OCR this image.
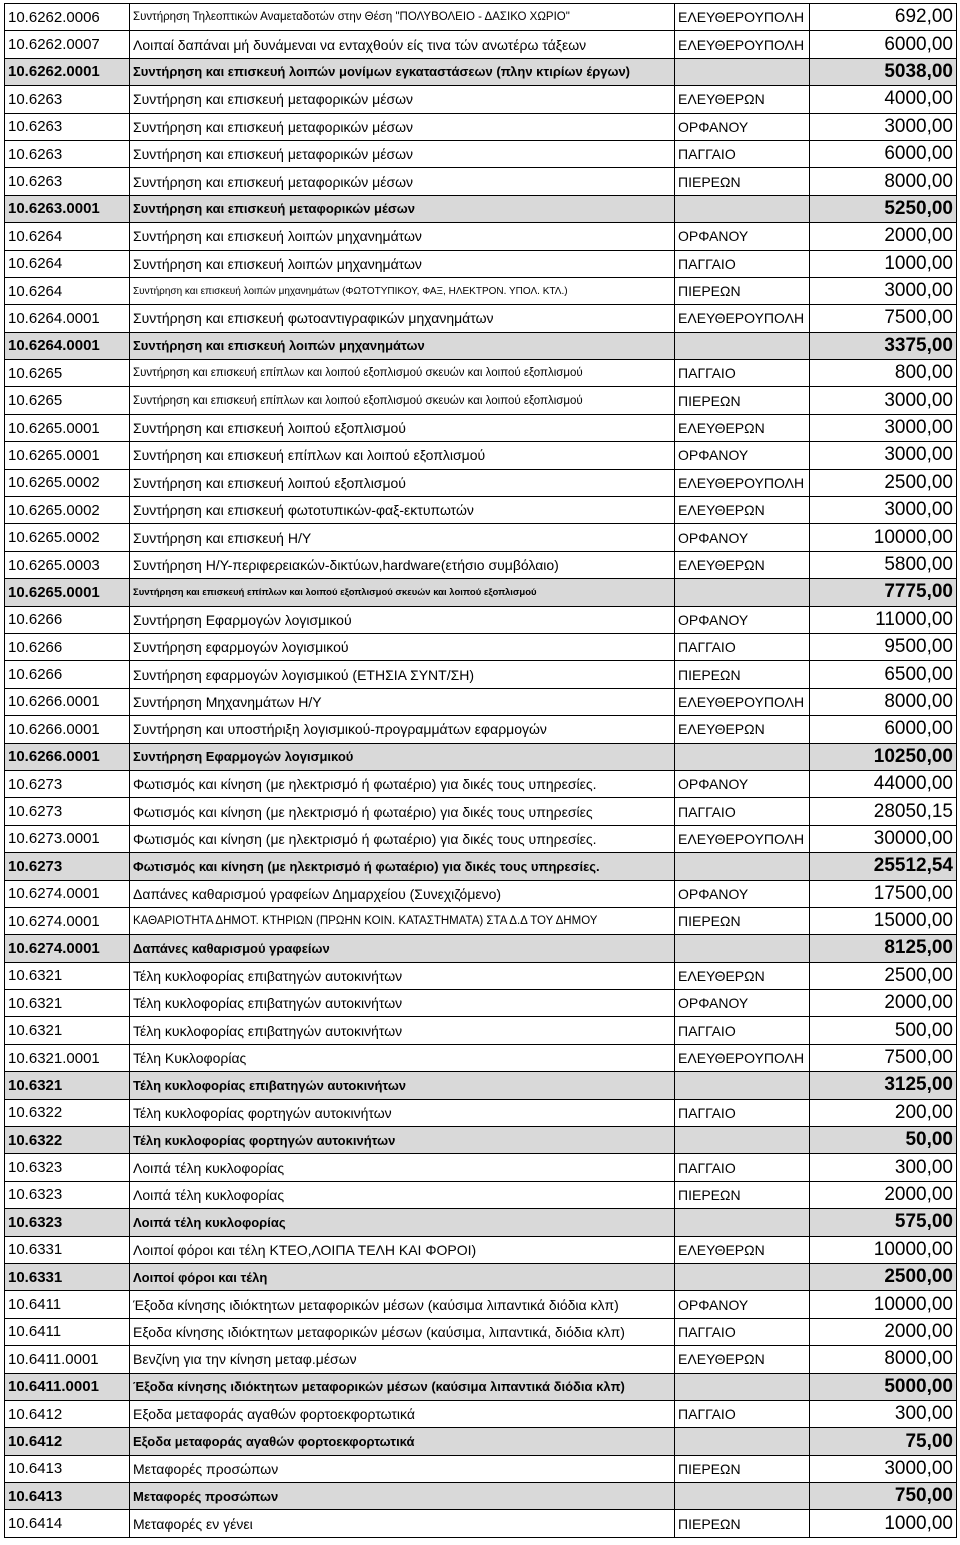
10.6262.0006	Συντήρηση Τηλεοπτικών Αναμεταδοτών στην Θέση "ΠΟΛΥΒΟΛΕΙΟ - ΔΑΣΙΚΟ ΧΩΡΙΟ"	ΕΛΕΥΘΕΡΟΥΠΟΛΗ	692,00
10.6262.0007	Λοιπαί δαπάναι μή δυνάμεναι να ενταχθούν είς τινα τών ανωτέρω τάξεων	ΕΛΕΥΘΕΡΟΥΠΟΛΗ	6000,00
10.6262.0001	Συντήρηση και επισκευή λοιπών μονίμων εγκαταστάσεων (πλην κτιρίων έργων)		5038,00
10.6263	Συντήρηση και επισκευή μεταφορικών μέσων	ΕΛΕΥΘΕΡΩΝ	4000,00
10.6263	Συντήρηση και επισκευή μεταφορικών μέσων	ΟΡΦΑΝΟΥ	3000,00
10.6263	Συντήρηση και επισκευή μεταφορικών μέσων	ΠΑΓΓΑΙΟ	6000,00
10.6263	Συντήρηση και επισκευή μεταφορικών μέσων	ΠΙΕΡΕΩΝ	8000,00
10.6263.0001	Συντήρηση και επισκευή μεταφορικών μέσων		5250,00
10.6264	Συντήρηση και επισκευή λοιπών μηχανημάτων	ΟΡΦΑΝΟΥ	2000,00
10.6264	Συντήρηση και επισκευή λοιπών μηχανημάτων	ΠΑΓΓΑΙΟ	1000,00
10.6264	Συντήρηση και επισκευή λοιπών μηχανημάτων (ΦΩΤΟΤΥΠΙΚΟΥ, ΦΑΞ, ΗΛΕΚΤΡΟΝ. ΥΠΟΛ. ΚΤΛ.)	ΠΙΕΡΕΩΝ	3000,00
10.6264.0001	Συντήρηση και επισκευή φωτοαντιγραφικών μηχανημάτων	ΕΛΕΥΘΕΡΟΥΠΟΛΗ	7500,00
10.6264.0001	Συντήρηση και επισκευή λοιπών μηχανημάτων		3375,00
10.6265	Συντήρηση και επισκευή επίπλων και λοιπού εξοπλισμού σκευών και λοιπού εξοπλισμού	ΠΑΓΓΑΙΟ	800,00
10.6265	Συντήρηση και επισκευή επίπλων και λοιπού εξοπλισμού σκευών και λοιπού εξοπλισμού	ΠΙΕΡΕΩΝ	3000,00
10.6265.0001	Συντήρηση και επισκευή λοιπού εξοπλισμού	ΕΛΕΥΘΕΡΩΝ	3000,00
10.6265.0001	Συντήρηση και επισκευή επίπλων και λοιπού εξοπλισμού	ΟΡΦΑΝΟΥ	3000,00
10.6265.0002	Συντήρηση και επισκευή λοιπού εξοπλισμού	ΕΛΕΥΘΕΡΟΥΠΟΛΗ	2500,00
10.6265.0002	Συντήρηση και επισκευή φωτοτυπικών-φαξ-εκτυπωτών	ΕΛΕΥΘΕΡΩΝ	3000,00
10.6265.0002	Συντήρηση και επισκευή Η/Υ	ΟΡΦΑΝΟΥ	10000,00
10.6265.0003	Συντήρηση Η/Υ-περιφερειακών-δικτύων,hardware(ετήσιο συμβόλαιο)	ΕΛΕΥΘΕΡΩΝ	5800,00
10.6265.0001	Συντήρηση και επισκευή επίπλων και λοιπού εξοπλισμού σκευών και λοιπού εξοπλισμού		7775,00
10.6266	Συντήρηση Εφαρμογών λογισμικού	ΟΡΦΑΝΟΥ	11000,00
10.6266	Συντήρηση εφαρμογών λογισμικού	ΠΑΓΓΑΙΟ	9500,00
10.6266	Συντήρηση εφαρμογών λογισμικού (ΕΤΗΣΙΑ ΣΥΝΤ/ΣΗ)	ΠΙΕΡΕΩΝ	6500,00
10.6266.0001	Συντήρηση Μηχανημάτων Η/Υ	ΕΛΕΥΘΕΡΟΥΠΟΛΗ	8000,00
10.6266.0001	Συντήρηση και υποστήριξη λογισμικού-προγραμμάτων εφαρμογών	ΕΛΕΥΘΕΡΩΝ	6000,00
10.6266.0001	Συντήρηση Εφαρμογών λογισμικού		10250,00
10.6273	Φωτισμός και κίνηση (με ηλεκτρισμό ή φωταέριο) για δικές τους υπηρεσίες.	ΟΡΦΑΝΟΥ	44000,00
10.6273	Φωτισμός και κίνηση (με ηλεκτρισμό ή φωταέριο) για δικές τους υπηρεσίες	ΠΑΓΓΑΙΟ	28050,15
10.6273.0001	Φωτισμός και κίνηση (με ηλεκτρισμό ή φωταέριο) για δικές τους υπηρεσίες.	ΕΛΕΥΘΕΡΟΥΠΟΛΗ	30000,00
10.6273	Φωτισμός και κίνηση (με ηλεκτρισμό ή φωταέριο) για δικές τους υπηρεσίες.		25512,54
10.6274.0001	Δαπάνες καθαρισμού γραφείων Δημαρχείου (Συνεχιζόμενο)	ΟΡΦΑΝΟΥ	17500,00
10.6274.0001	ΚΑΘΑΡΙΟΤΗΤΑ ΔΗΜΟΤ. ΚΤΗΡΙΩΝ (ΠΡΩΗΝ ΚΟΙΝ. ΚΑΤΑΣΤΗΜΑΤΑ) ΣΤΑ Δ.Δ ΤΟΥ ΔΗΜΟΥ	ΠΙΕΡΕΩΝ	15000,00
10.6274.0001	Δαπάνες καθαρισμού γραφείων		8125,00
10.6321	Τέλη κυκλοφορίας επιβατηγών αυτοκινήτων	ΕΛΕΥΘΕΡΩΝ	2500,00
10.6321	Τέλη κυκλοφορίας επιβατηγών αυτοκινήτων	ΟΡΦΑΝΟΥ	2000,00
10.6321	Τέλη κυκλοφορίας επιβατηγών αυτοκινήτων	ΠΑΓΓΑΙΟ	500,00
10.6321.0001	Τέλη Κυκλοφορίας	ΕΛΕΥΘΕΡΟΥΠΟΛΗ	7500,00
10.6321	Τέλη κυκλοφορίας επιβατηγών αυτοκινήτων		3125,00
10.6322	Τέλη κυκλοφορίας φορτηγών αυτοκινήτων	ΠΑΓΓΑΙΟ	200,00
10.6322	Τέλη κυκλοφορίας φορτηγών αυτοκινήτων		50,00
10.6323	Λοιπά τέλη κυκλοφορίας	ΠΑΓΓΑΙΟ	300,00
10.6323	Λοιπά τέλη κυκλοφορίας	ΠΙΕΡΕΩΝ	2000,00
10.6323	Λοιπά τέλη κυκλοφορίας		575,00
10.6331	Λοιποί φόροι και τέλη ΚΤΕΟ,ΛΟΙΠΑ ΤΕΛΗ ΚΑΙ ΦΟΡΟΙ)	ΕΛΕΥΘΕΡΩΝ	10000,00
10.6331	Λοιποί φόροι και τέλη		2500,00
10.6411	Έξοδα κίνησης ιδιόκτητων μεταφορικών μέσων (καύσιμα λιπαντικά διόδια κλπ)	ΟΡΦΑΝΟΥ	10000,00
10.6411	Εξοδα κίνησης ιδιόκτητων μεταφορικών μέσων (καύσιμα, λιπαντικά, διόδια κλπ)	ΠΑΓΓΑΙΟ	2000,00
10.6411.0001	Βενζίνη για την κίνηση μεταφ.μέσων	ΕΛΕΥΘΕΡΩΝ	8000,00
10.6411.0001	Έξοδα κίνησης ιδιόκτητων μεταφορικών μέσων (καύσιμα λιπαντικά διόδια κλπ)		5000,00
10.6412	Εξοδα μεταφοράς αγαθών φορτοεκφορτωτικά	ΠΑΓΓΑΙΟ	300,00
10.6412	Εξοδα μεταφοράς αγαθών φορτοεκφορτωτικά		75,00
10.6413	Μεταφορές προσώπων	ΠΙΕΡΕΩΝ	3000,00
10.6413	Μεταφορές προσώπων		750,00
10.6414	Μεταφορές εν γένει	ΠΙΕΡΕΩΝ	1000,00
